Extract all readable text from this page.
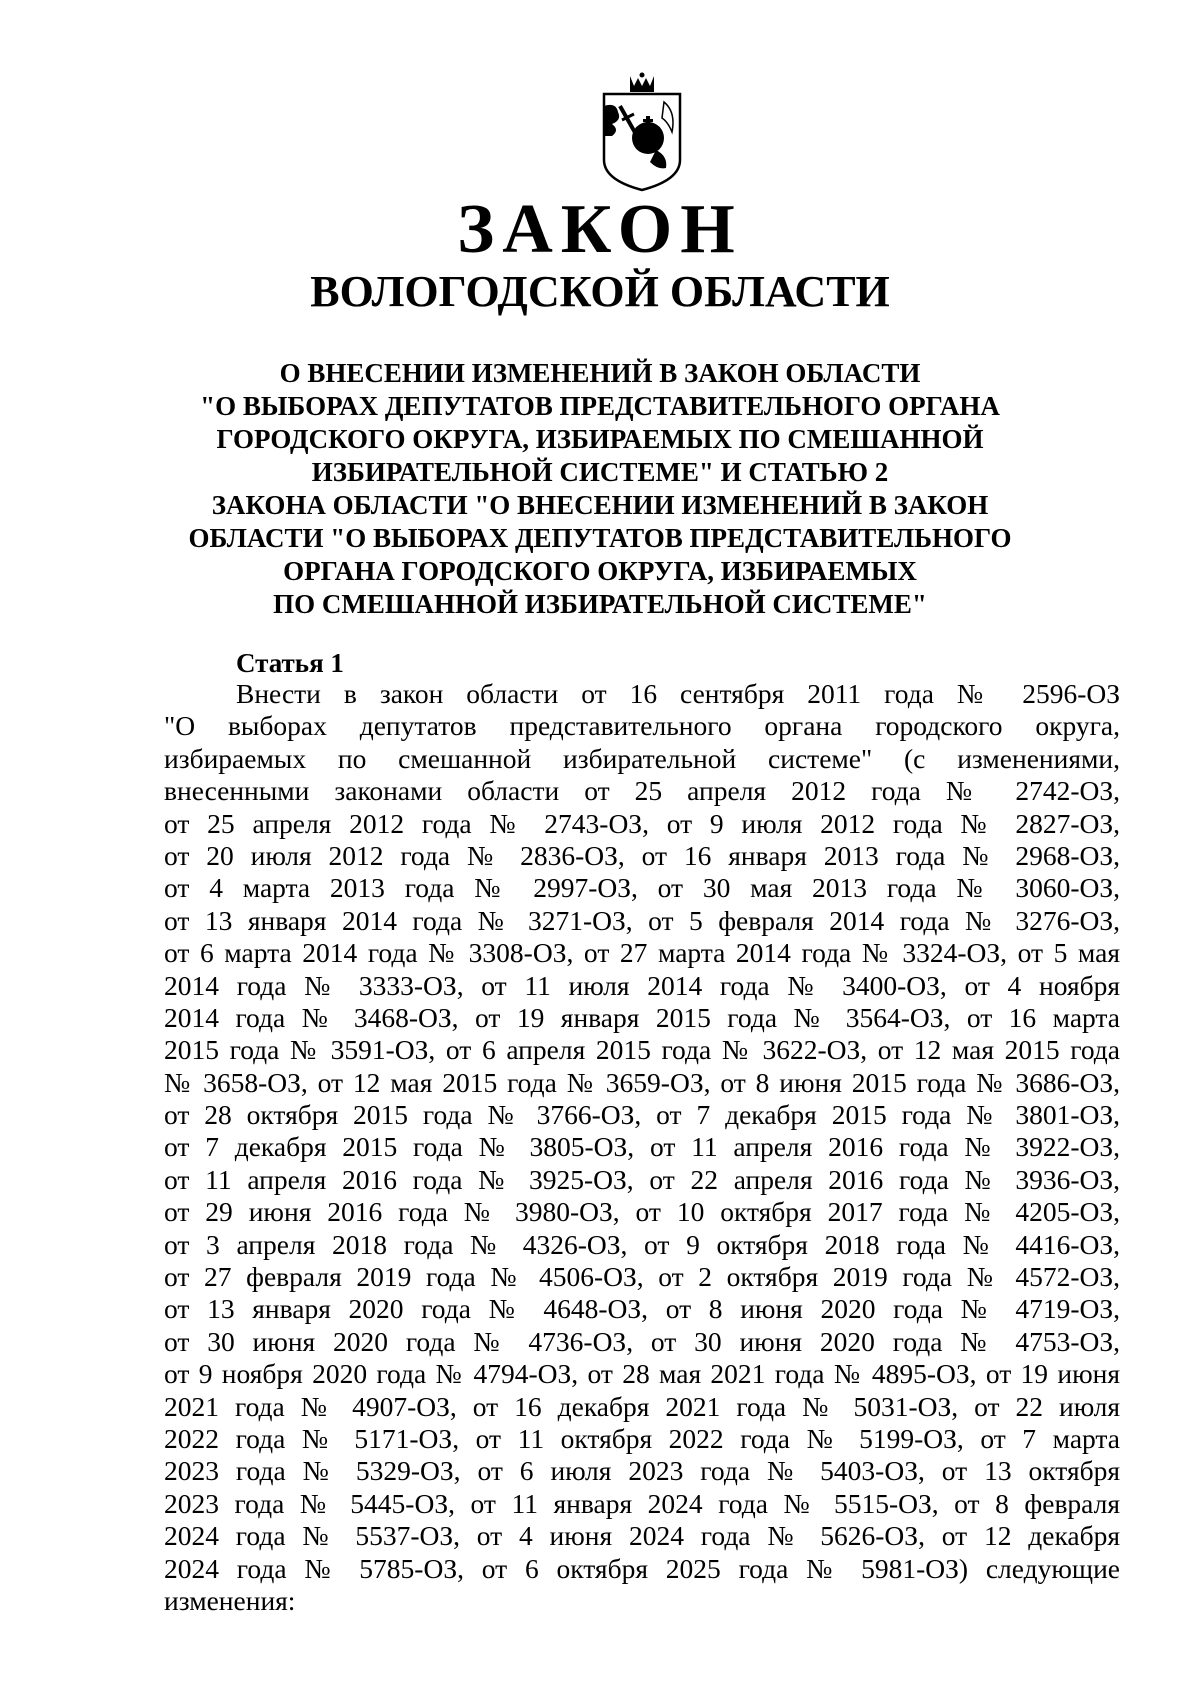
ЗАКОН
ВОЛОГОДСКОЙ ОБЛАСТИ
О ВНЕСЕНИИ ИЗМЕНЕНИЙ В ЗАКОН ОБЛАСТИ
"О ВЫБОРАХ ДЕПУТАТОВ ПРЕДСТАВИТЕЛЬНОГО ОРГАНА
ГОРОДСКОГО ОКРУГА, ИЗБИРАЕМЫХ ПО СМЕШАННОЙ
ИЗБИРАТЕЛЬНОЙ СИСТЕМЕ" И СТАТЬЮ 2
ЗАКОНА ОБЛАСТИ "О ВНЕСЕНИИ ИЗМЕНЕНИЙ В ЗАКОН
ОБЛАСТИ "О ВЫБОРАХ ДЕПУТАТОВ ПРЕДСТАВИТЕЛЬНОГО
ОРГАНА ГОРОДСКОГО ОКРУГА, ИЗБИРАЕМЫХ
ПО СМЕШАННОЙ ИЗБИРАТЕЛЬНОЙ СИСТЕМЕ"
Статья 1
Внести в закон области от 16 сентября 2011 года № 2596-ОЗ
"О выборах депутатов представительного органа городского округа,
избираемых по смешанной избирательной системе" (с изменениями,
внесенными законами области от 25 апреля 2012 года № 2742-ОЗ,
от 25 апреля 2012 года № 2743-ОЗ, от 9 июля 2012 года № 2827-ОЗ,
от 20 июля 2012 года № 2836-ОЗ, от 16 января 2013 года № 2968-ОЗ,
от 4 марта 2013 года № 2997-ОЗ, от 30 мая 2013 года № 3060-ОЗ,
от 13 января 2014 года № 3271-ОЗ, от 5 февраля 2014 года № 3276-ОЗ,
от 6 марта 2014 года № 3308-ОЗ, от 27 марта 2014 года № 3324-ОЗ, от 5 мая
2014 года № 3333-ОЗ, от 11 июля 2014 года № 3400-ОЗ, от 4 ноября
2014 года № 3468-ОЗ, от 19 января 2015 года № 3564-ОЗ, от 16 марта
2015 года № 3591-ОЗ, от 6 апреля 2015 года № 3622-ОЗ, от 12 мая 2015 года
№ 3658-ОЗ, от 12 мая 2015 года № 3659-ОЗ, от 8 июня 2015 года № 3686-ОЗ,
от 28 октября 2015 года № 3766-ОЗ, от 7 декабря 2015 года № 3801-ОЗ,
от 7 декабря 2015 года № 3805-ОЗ, от 11 апреля 2016 года № 3922-ОЗ,
от 11 апреля 2016 года № 3925-ОЗ, от 22 апреля 2016 года № 3936-ОЗ,
от 29 июня 2016 года № 3980-ОЗ, от 10 октября 2017 года № 4205-ОЗ,
от 3 апреля 2018 года № 4326-ОЗ, от 9 октября 2018 года № 4416-ОЗ,
от 27 февраля 2019 года № 4506-ОЗ, от 2 октября 2019 года № 4572-ОЗ,
от 13 января 2020 года № 4648-ОЗ, от 8 июня 2020 года № 4719-ОЗ,
от 30 июня 2020 года № 4736-ОЗ, от 30 июня 2020 года № 4753-ОЗ,
от 9 ноября 2020 года № 4794-ОЗ, от 28 мая 2021 года № 4895-ОЗ, от 19 июня
2021 года № 4907-ОЗ, от 16 декабря 2021 года № 5031-ОЗ, от 22 июля
2022 года № 5171-ОЗ, от 11 октября 2022 года № 5199-ОЗ, от 7 марта
2023 года № 5329-ОЗ, от 6 июля 2023 года № 5403-ОЗ, от 13 октября
2023 года № 5445-ОЗ, от 11 января 2024 года № 5515-ОЗ, от 8 февраля
2024 года № 5537-ОЗ, от 4 июня 2024 года № 5626-ОЗ, от 12 декабря
2024 года № 5785-ОЗ, от 6 октября 2025 года № 5981-ОЗ) следующие
изменения:
